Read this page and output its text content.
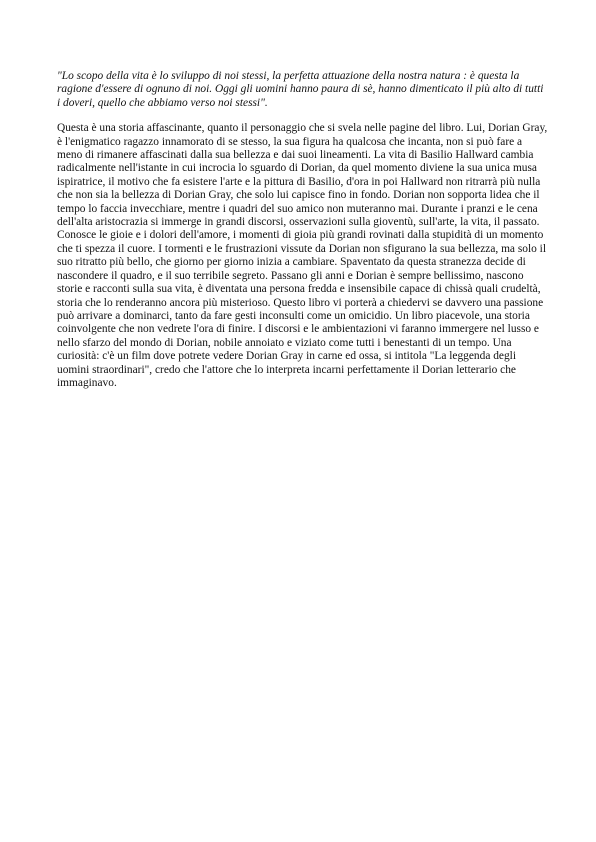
"Lo scopo della vita è lo sviluppo di noi stessi, la perfetta attuazione della nostra natura : è questa la ragione d'essere di ognuno di noi. Oggi gli uomini hanno paura di sè, hanno dimenticato il più alto di tutti i doveri, quello che abbiamo verso noi stessi".

Questa è una storia affascinante, quanto il personaggio che si svela nelle pagine del libro. Lui, Dorian Gray, è l'enigmatico ragazzo innamorato di se stesso, la sua figura ha qualcosa che incanta, non si può fare a meno di rimanere affascinati dalla sua bellezza e dai suoi lineamenti. La vita di Basilio Hallward cambia radicalmente nell'istante in cui incrocia lo sguardo di Dorian, da quel momento diviene la sua unica musa ispiratrice, il motivo che fa esistere l'arte e la pittura di Basilio, d'ora in poi Hallward non ritrarrà più nulla che non sia la bellezza di Dorian Gray, che solo lui capisce fino in fondo. Dorian non sopporta lidea che il tempo lo faccia invecchiare, mentre i quadri del suo amico non muteranno mai. Durante i pranzi e le cena dell'alta aristocrazia si immerge in grandi discorsi, osservazioni sulla gioventù, sull'arte, la vita, il passato. Conosce le gioie e i dolori dell'amore, i momenti di gioia più grandi rovinati dalla stupidità di un momento che ti spezza il cuore. I tormenti e le frustrazioni vissute da Dorian non sfigurano la sua bellezza, ma solo il suo ritratto più bello, che giorno per giorno inizia a cambiare. Spaventato da questa stranezza decide di nascondere il quadro, e il suo terribile segreto. Passano gli anni e Dorian è sempre bellissimo, nascono storie e racconti sulla sua vita, è diventata una persona fredda e insensibile capace di chissà quali crudeltà, storia che lo renderanno ancora più misterioso. Questo libro vi porterà a chiedervi se davvero una passione può arrivare a dominarci, tanto da fare gesti inconsulti come un omicidio. Un libro piacevole, una storia coinvolgente che non vedrete l'ora di finire. I discorsi e le ambientazioni vi faranno immergere nel lusso e nello sfarzo del mondo di Dorian, nobile annoiato e viziato come tutti i benestanti di un tempo. Una curiosità: c'è un film dove potrete vedere Dorian Gray in carne ed ossa, si intitola "La leggenda degli uomini straordinari", credo che l'attore che lo interpreta incarni perfettamente il Dorian letterario che immaginavo.
